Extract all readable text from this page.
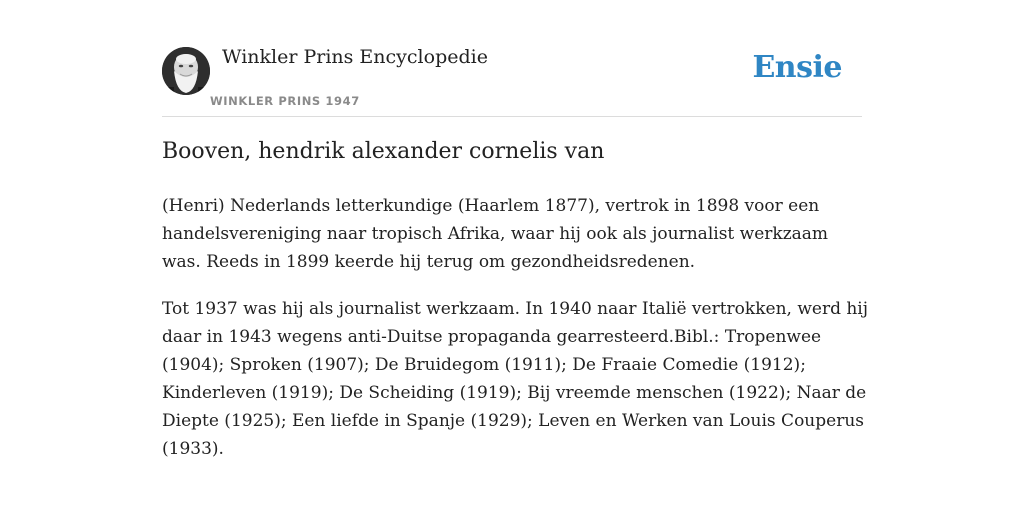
Winkler Prins Encyclopedie
WINKLER PRINS 1947
Ensie
Booven, hendrik alexander cornelis van

(Henri) Nederlands letterkundige (Haarlem 1877), vertrok in 1898 voor een handelsvereniging naar tropisch Afrika, waar hij ook als journalist werkzaam was. Reeds in 1899 keerde hij terug om gezondheidsredenen.

Tot 1937 was hij als journalist werkzaam. In 1940 naar Italië vertrokken, werd hij daar in 1943 wegens anti-Duitse propaganda gearresteerd.Bibl.: Tropenwee (1904); Sproken (1907); De Bruidegom (1911); De Fraaie Comedie (1912); Kinderleven (1919); De Scheiding (1919); Bij vreemde menschen (1922); Naar de Diepte (1925); Een liefde in Spanje (1929); Leven en Werken van Louis Couperus (1933).
